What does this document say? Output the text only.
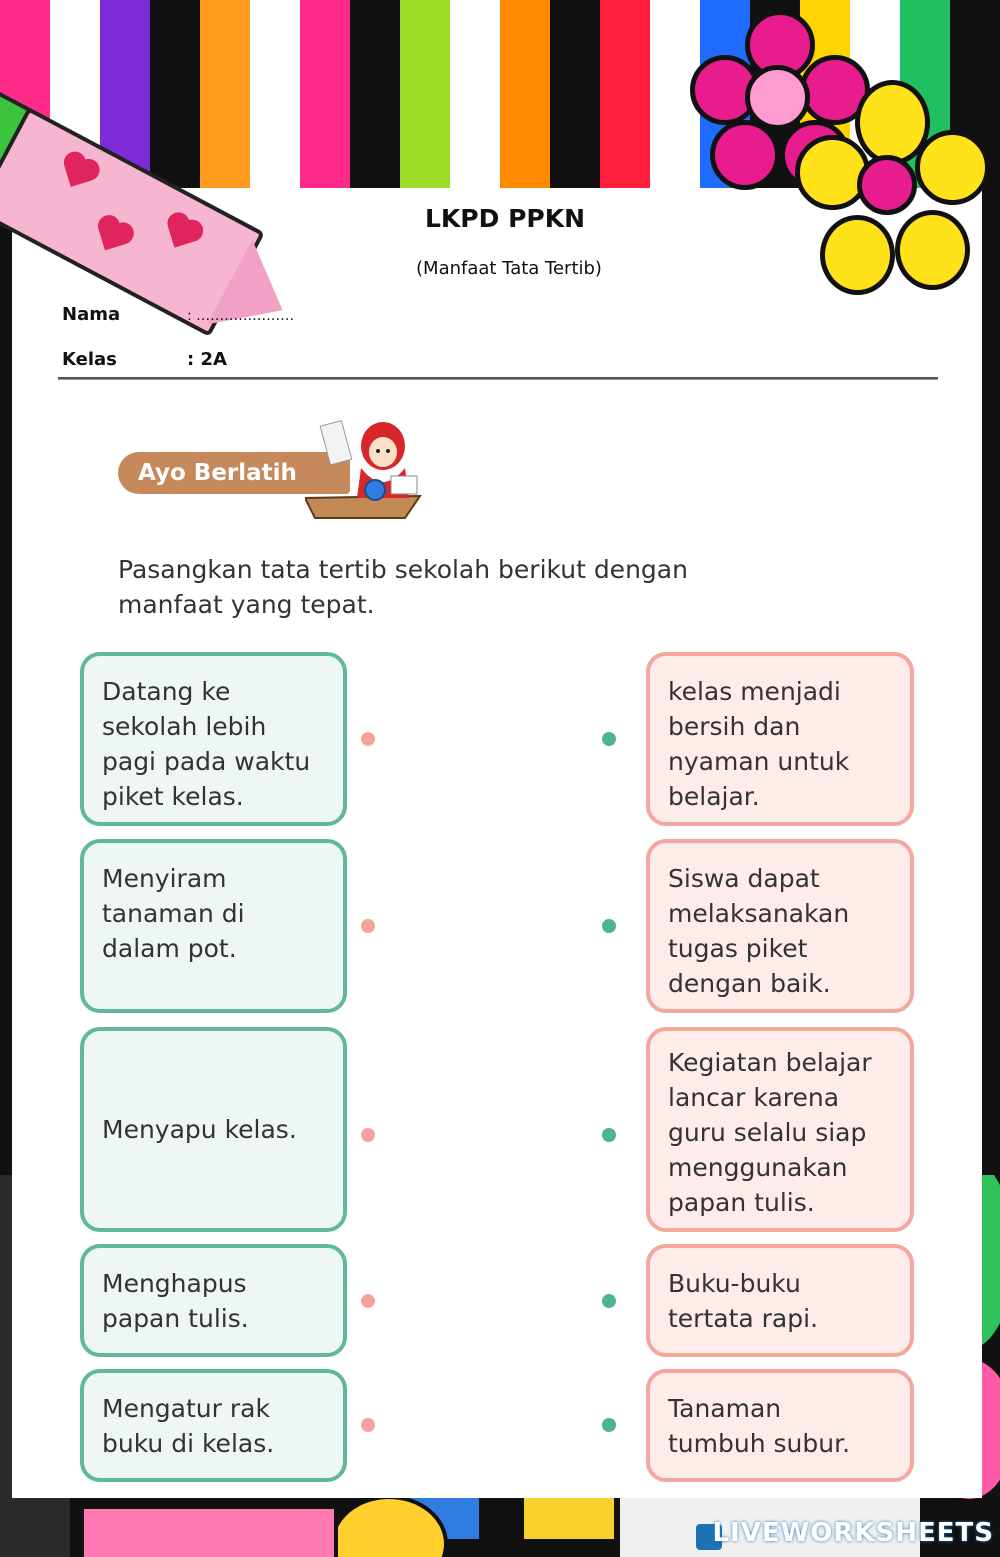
LKPD PPKN
(Manfaat Tata Tertib)
Nama	: …………………
Kelas	: 2A
Ayo Berlatih
Pasangkan tata tertib sekolah berikut dengan
manfaat yang tepat.
Datang ke
sekolah lebih
pagi pada waktu
piket kelas.
Menyiram
tanaman di
dalam pot.
Menyapu kelas.
Menghapus
papan tulis.
Mengatur rak
buku di kelas.
kelas menjadi
bersih dan
nyaman untuk
belajar.
Siswa dapat
melaksanakan
tugas piket
dengan baik.
Kegiatan belajar
lancar karena
guru selalu siap
menggunakan
papan tulis.
Buku-buku
tertata rapi.
Tanaman
tumbuh subur.
LIVEWORKSHEETS
